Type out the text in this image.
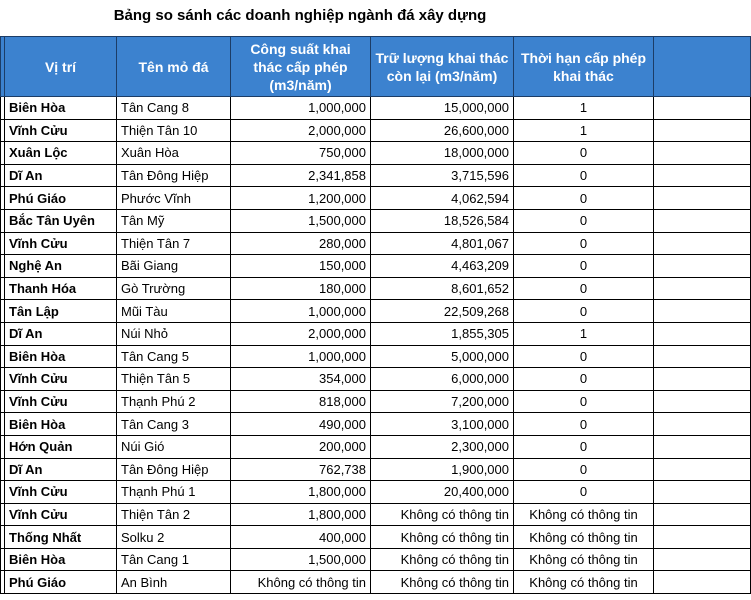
Bảng so sánh các doanh nghiệp ngành đá xây dựng
	Vị trí	Tên mỏ đá	Công suất khai thác cấp phép (m3/năm)	Trữ lượng khai thác còn lại (m3/năm)	Thời hạn cấp phép khai thác	
	Biên Hòa	Tân Cang 8	1,000,000	15,000,000	1	
	Vĩnh Cửu	Thiện Tân 10	2,000,000	26,600,000	1	
	Xuân Lộc	Xuân Hòa	750,000	18,000,000	0	
	Dĩ An	Tân Đông Hiệp	2,341,858	3,715,596	0	
	Phú Giáo	Phước Vĩnh	1,200,000	4,062,594	0	
	Bắc Tân Uyên	Tân Mỹ	1,500,000	18,526,584	0	
	Vĩnh Cửu	Thiện Tân 7	280,000	4,801,067	0	
	Nghệ An	Bãi Giang	150,000	4,463,209	0	
	Thanh Hóa	Gò Trường	180,000	8,601,652	0	
	Tân Lập	Mũi Tàu	1,000,000	22,509,268	0	
	Dĩ An	Núi Nhỏ	2,000,000	1,855,305	1	
	Biên Hòa	Tân Cang 5	1,000,000	5,000,000	0	
	Vĩnh Cửu	Thiện Tân 5	354,000	6,000,000	0	
	Vĩnh Cửu	Thạnh Phú 2	818,000	7,200,000	0	
	Biên Hòa	Tân Cang 3	490,000	3,100,000	0	
	Hớn Quản	Núi Gió	200,000	2,300,000	0	
	Dĩ An	Tân Đông Hiệp	762,738	1,900,000	0	
	Vĩnh Cửu	Thạnh Phú 1	1,800,000	20,400,000	0	
	Vĩnh Cửu	Thiện Tân 2	1,800,000	Không có thông tin	Không có thông tin	
	Thống Nhất	Solku 2	400,000	Không có thông tin	Không có thông tin	
	Biên Hòa	Tân Cang 1	1,500,000	Không có thông tin	Không có thông tin	
	Phú Giáo	An Bình	Không có thông tin	Không có thông tin	Không có thông tin	
